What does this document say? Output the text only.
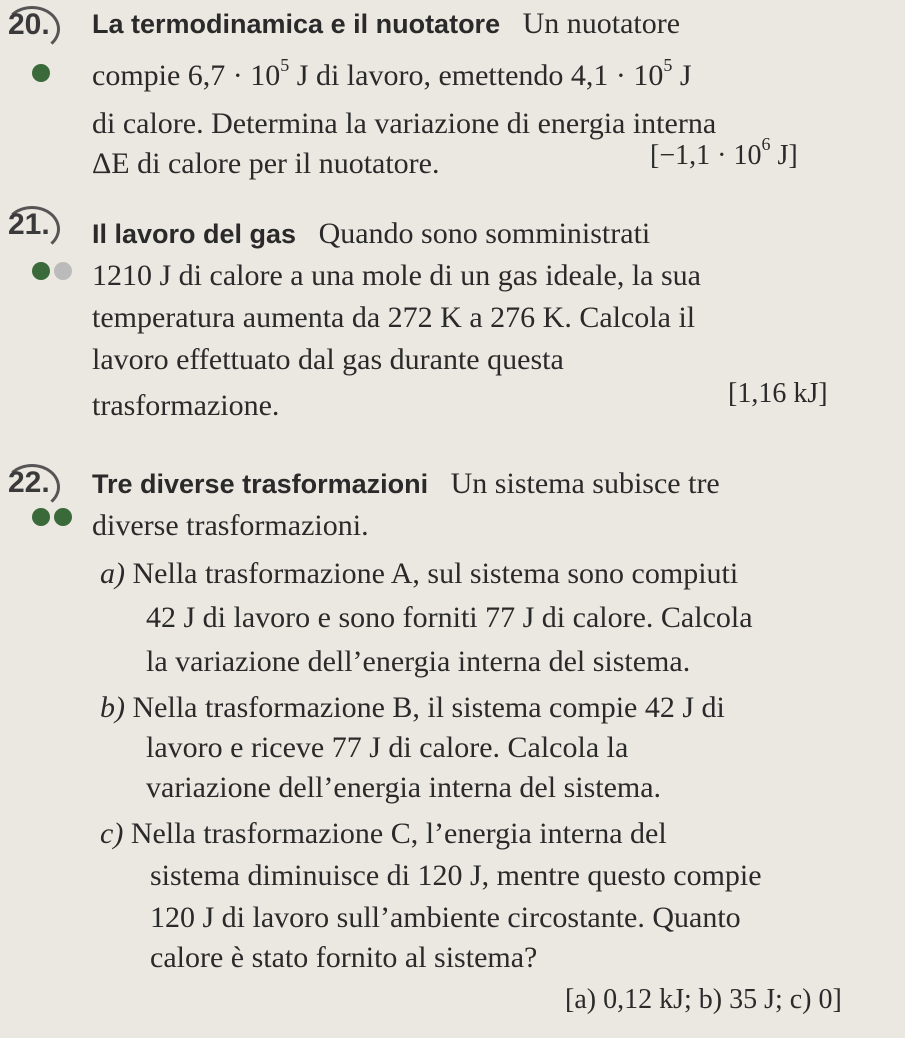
20. La termodinamica e il nuotatore Un nuotatore
compie $6,7 \cdot 10^5$ J di lavoro, emettendo $4,1 \cdot 10^5$ J
di calore. Determina la variazione di energia interna
ΔE di calore per il nuotatore.	[$-1,1 \cdot 10^6$ J]
21. Il lavoro del gas Quando sono somministrati
1210 J di calore a una mole di un gas ideale, la sua
temperatura aumenta da 272 K a 276 K. Calcola il
lavoro effettuato dal gas durante questa
trasformazione.	[1,16 kJ]
22. Tre diverse trasformazioni Un sistema subisce tre
diverse trasformazioni.
a) Nella trasformazione A, sul sistema sono compiuti
42 J di lavoro e sono forniti 77 J di calore. Calcola
la variazione dell’energia interna del sistema.
b) Nella trasformazione B, il sistema compie 42 J di
lavoro e riceve 77 J di calore. Calcola la
variazione dell’energia interna del sistema.
c) Nella trasformazione C, l’energia interna del
sistema diminuisce di 120 J, mentre questo compie
120 J di lavoro sull’ambiente circostante. Quanto
calore è stato fornito al sistema?
[a) 0,12 kJ; b) 35 J; c) 0]
